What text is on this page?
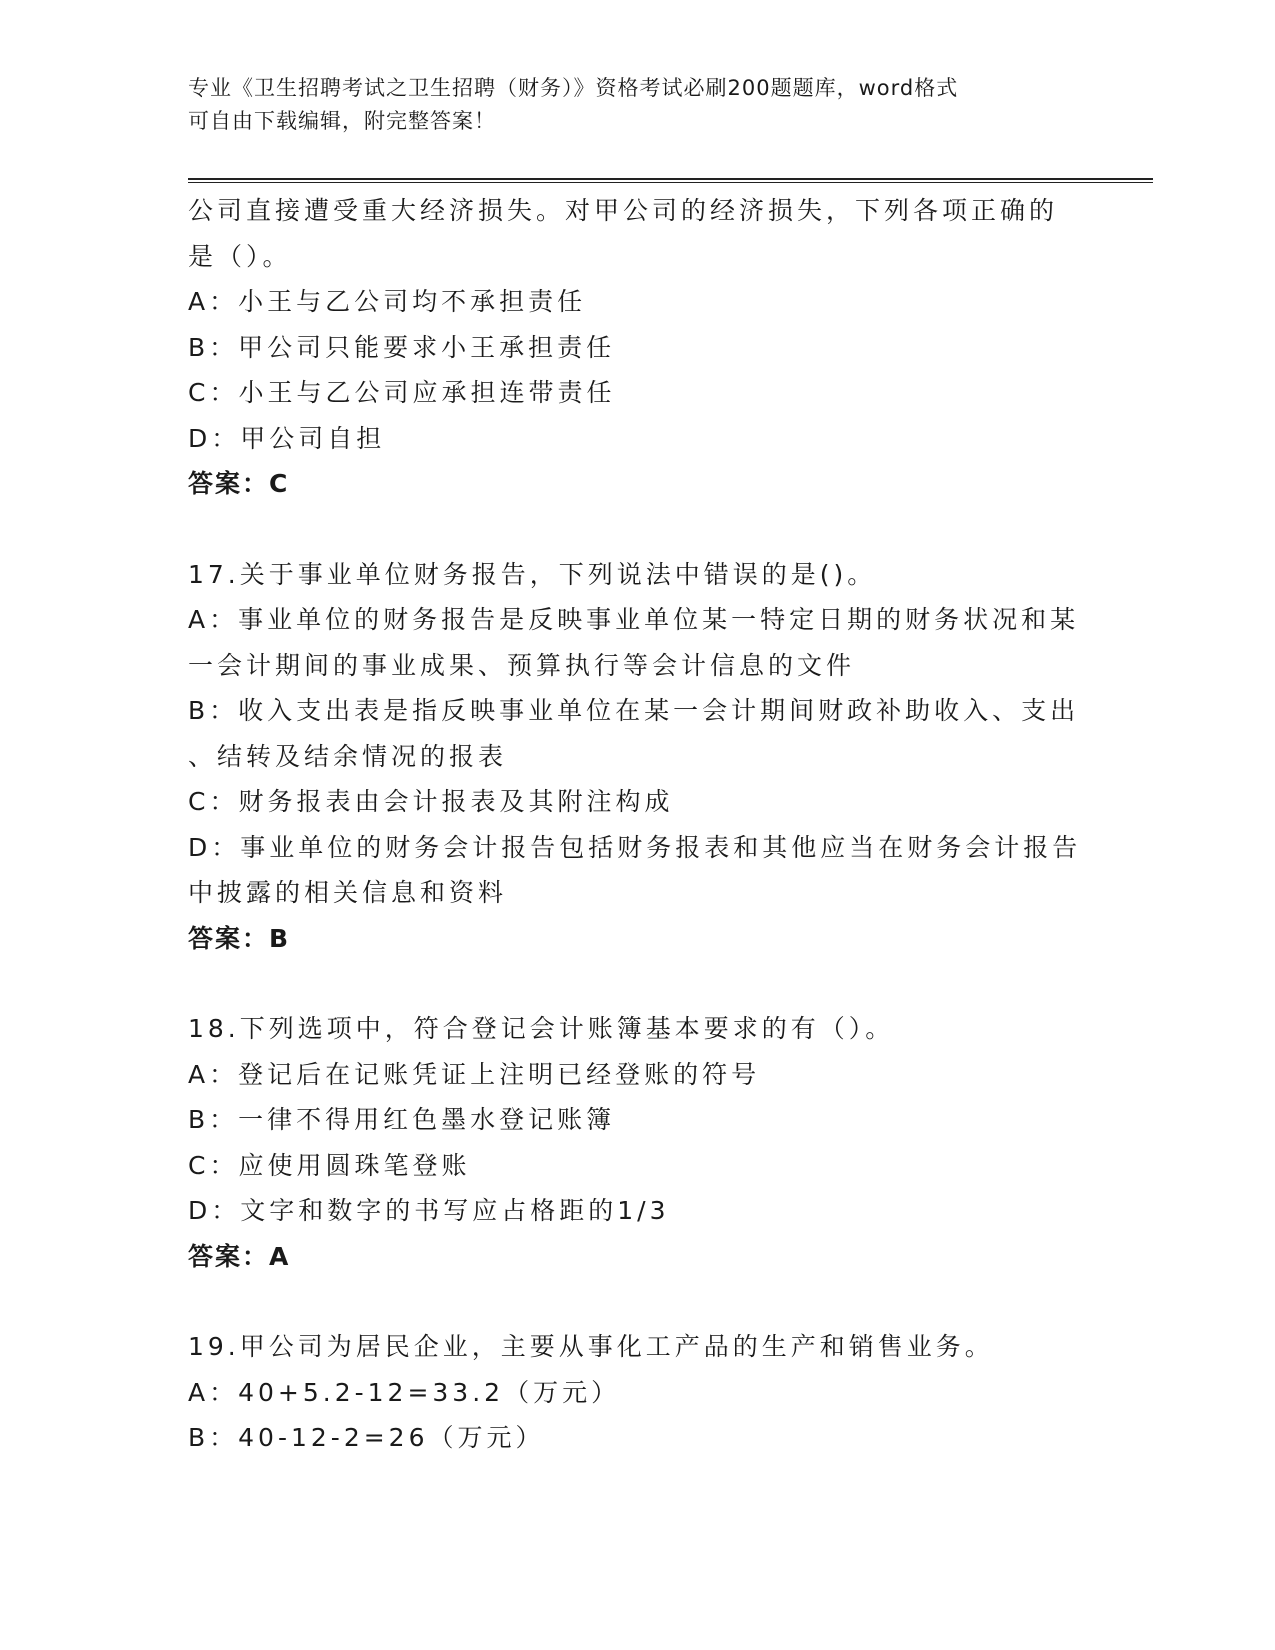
专业《卫生招聘考试之卫生招聘（财务）》资格考试必刷200题题库，word格式
可自由下载编辑，附完整答案！
公司直接遭受重大经济损失。对甲公司的经济损失，下列各项正确的
是（）。
A：小王与乙公司均不承担责任
B：甲公司只能要求小王承担责任
C：小王与乙公司应承担连带责任
D：甲公司自担
答案：C
17.关于事业单位财务报告，下列说法中错误的是()。
A：事业单位的财务报告是反映事业单位某一特定日期的财务状况和某
一会计期间的事业成果、预算执行等会计信息的文件
B：收入支出表是指反映事业单位在某一会计期间财政补助收入、支出
、结转及结余情况的报表
C：财务报表由会计报表及其附注构成
D：事业单位的财务会计报告包括财务报表和其他应当在财务会计报告
中披露的相关信息和资料
答案：B
18.下列选项中，符合登记会计账簿基本要求的有（）。
A：登记后在记账凭证上注明已经登账的符号
B：一律不得用红色墨水登记账簿
C：应使用圆珠笔登账
D：文字和数字的书写应占格距的1/3
答案：A
19.甲公司为居民企业，主要从事化工产品的生产和销售业务。
A：40+5.2-12=33.2（万元）
B：40-12-2=26（万元）
